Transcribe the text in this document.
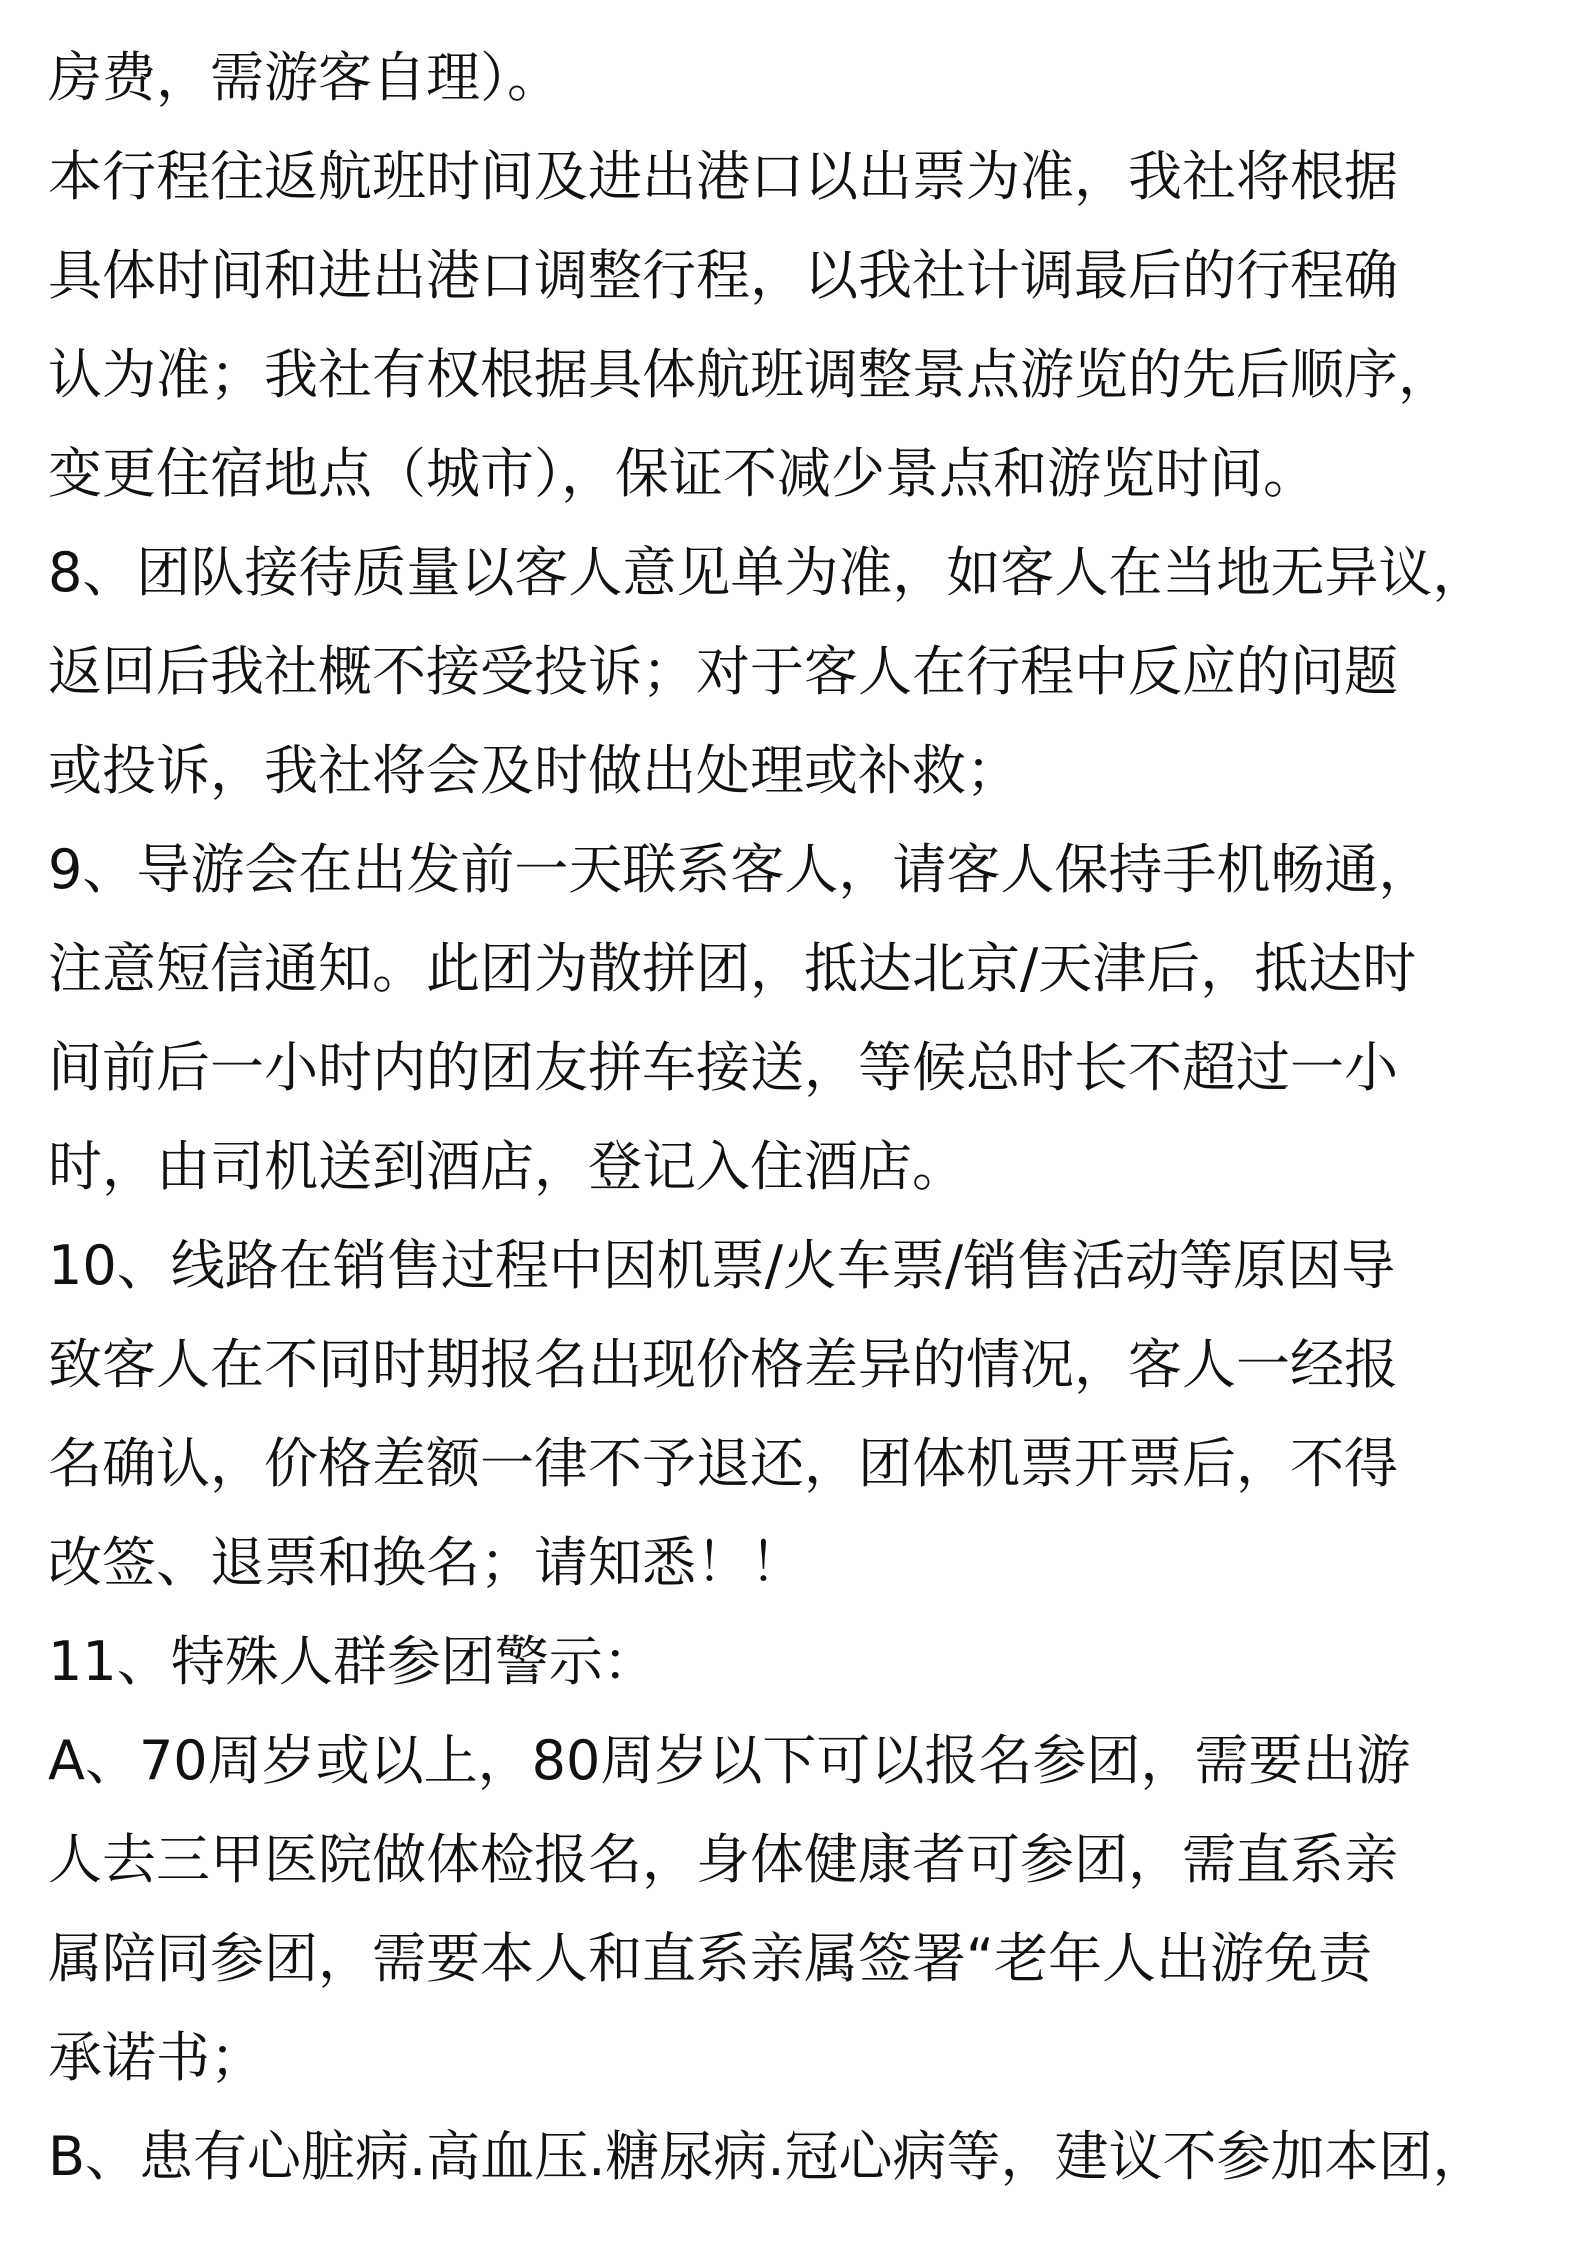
房费，需游客自理）。
本行程往返航班时间及进出港口以出票为准，我社将根据
具体时间和进出港口调整行程，以我社计调最后的行程确
认为准；我社有权根据具体航班调整景点游览的先后顺序，
变更住宿地点（城市），保证不减少景点和游览时间。
8、团队接待质量以客人意见单为准，如客人在当地无异议，
返回后我社概不接受投诉；对于客人在行程中反应的问题
或投诉，我社将会及时做出处理或补救；
9、导游会在出发前一天联系客人，请客人保持手机畅通，
注意短信通知。此团为散拼团，抵达北京/天津后，抵达时
间前后一小时内的团友拼车接送，等候总时长不超过一小
时，由司机送到酒店，登记入住酒店。
10、线路在销售过程中因机票/火车票/销售活动等原因导
致客人在不同时期报名出现价格差异的情况，客人一经报
名确认，价格差额一律不予退还，团体机票开票后，不得
改签、退票和换名；请知悉！！
11、特殊人群参团警示：
A、70周岁或以上，80周岁以下可以报名参团，需要出游
人去三甲医院做体检报名，身体健康者可参团，需直系亲
属陪同参团，需要本人和直系亲属签署“老年人出游免责
承诺书；
B、患有心脏病.高血压.糖尿病.冠心病等，建议不参加本团，
